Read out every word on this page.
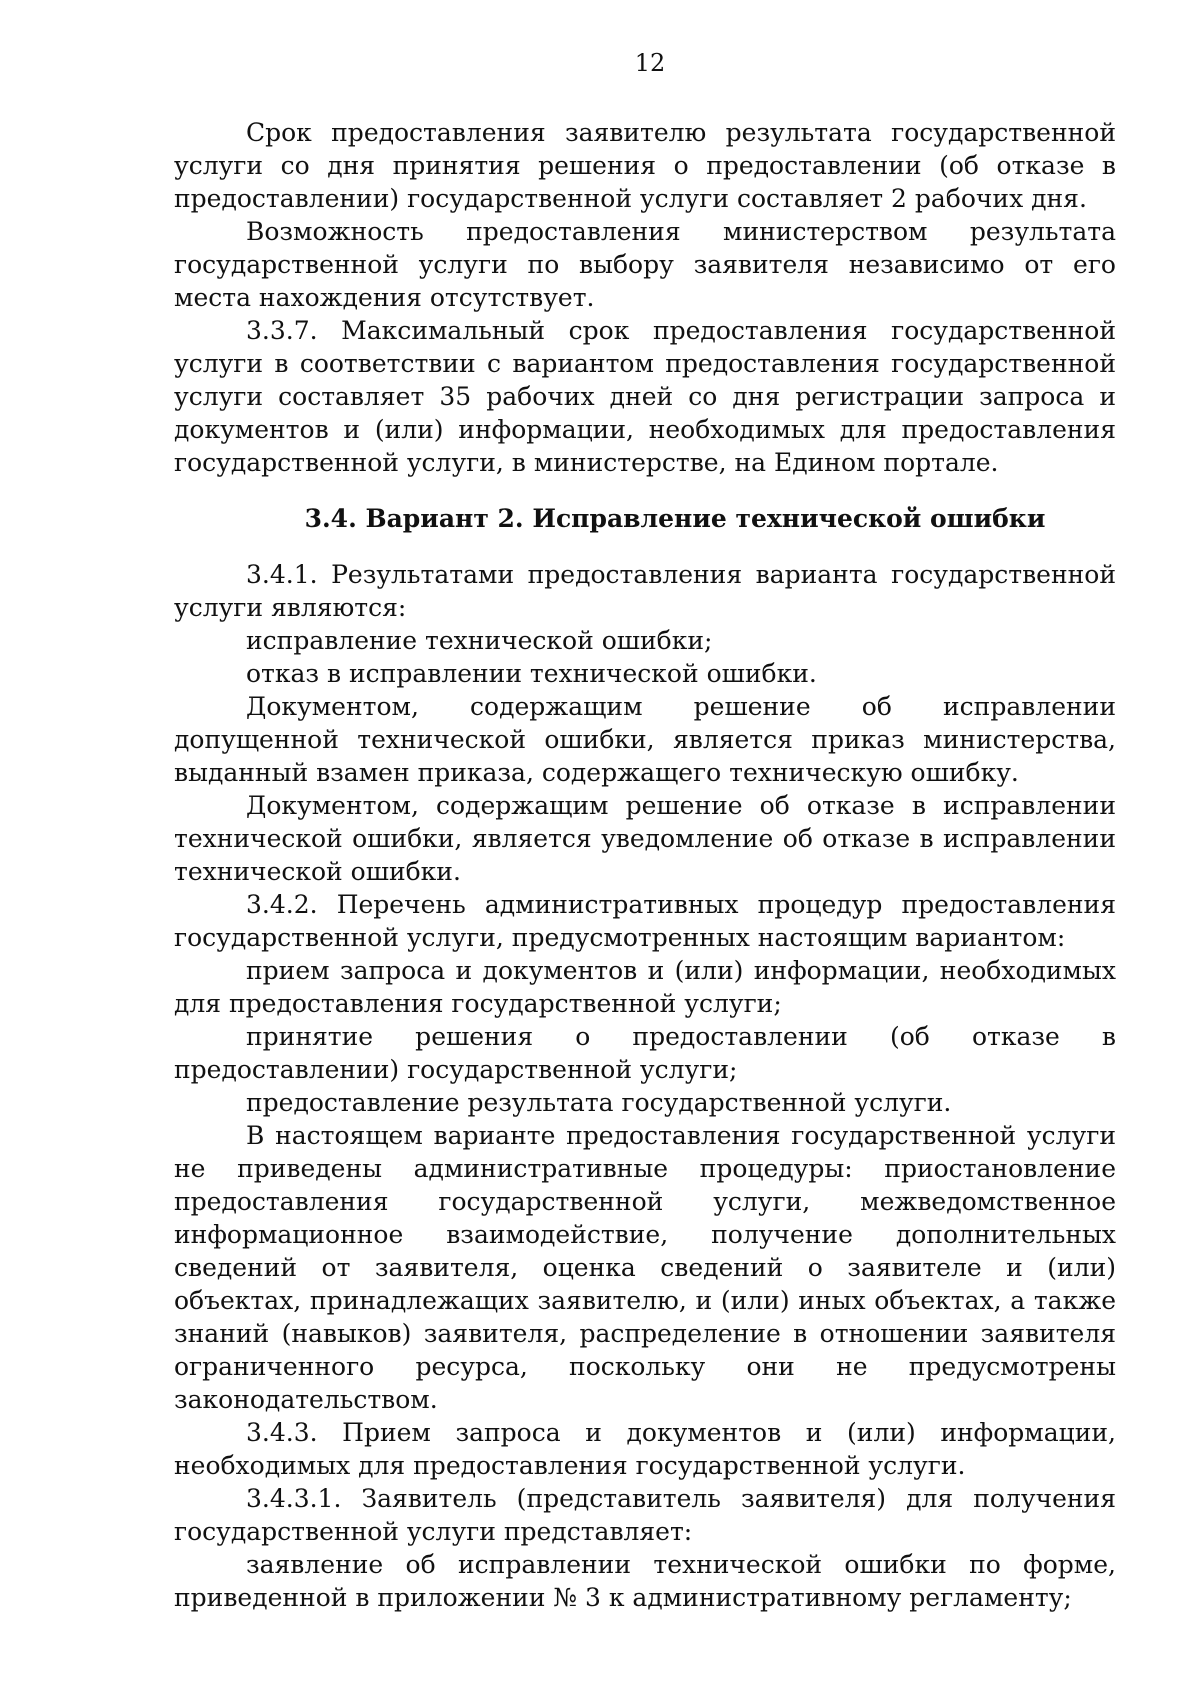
12

Срок предоставления заявителю результата государственной услуги со дня принятия решения о предоставлении (об отказе в предоставлении) государственной услуги составляет 2 рабочих дня.

Возможность предоставления министерством результата государственной услуги по выбору заявителя независимо от его места нахождения отсутствует.

3.3.7. Максимальный срок предоставления государственной услуги в соответствии с вариантом предоставления государственной услуги составляет 35 рабочих дней со дня регистрации запроса и документов и (или) информации, необходимых для предоставления государственной услуги, в министерстве, на Едином портале.

3.4. Вариант 2. Исправление технической ошибки

3.4.1. Результатами предоставления варианта государственной услуги являются:

исправление технической ошибки;

отказ в исправлении технической ошибки.

Документом, содержащим решение об исправлении допущенной технической ошибки, является приказ министерства, выданный взамен приказа, содержащего техническую ошибку.

Документом, содержащим решение об отказе в исправлении технической ошибки, является уведомление об отказе в исправлении технической ошибки.

3.4.2. Перечень административных процедур предоставления государственной услуги, предусмотренных настоящим вариантом:

прием запроса и документов и (или) информации, необходимых для предоставления государственной услуги;

принятие решения о предоставлении (об отказе в предоставлении) государственной услуги;

предоставление результата государственной услуги.

В настоящем варианте предоставления государственной услуги не приведены административные процедуры: приостановление предоставления государственной услуги, межведомственное информационное взаимодействие, получение дополнительных сведений от заявителя, оценка сведений о заявителе и (или) объектах, принадлежащих заявителю, и (или) иных объектах, а также знаний (навыков) заявителя, распределение в отношении заявителя ограниченного ресурса, поскольку они не предусмотрены законодательством.

3.4.3. Прием запроса и документов и (или) информации, необходимых для предоставления государственной услуги.

3.4.3.1. Заявитель (представитель заявителя) для получения государственной услуги представляет:

заявление об исправлении технической ошибки по форме, приведенной в приложении № 3 к административному регламенту;
